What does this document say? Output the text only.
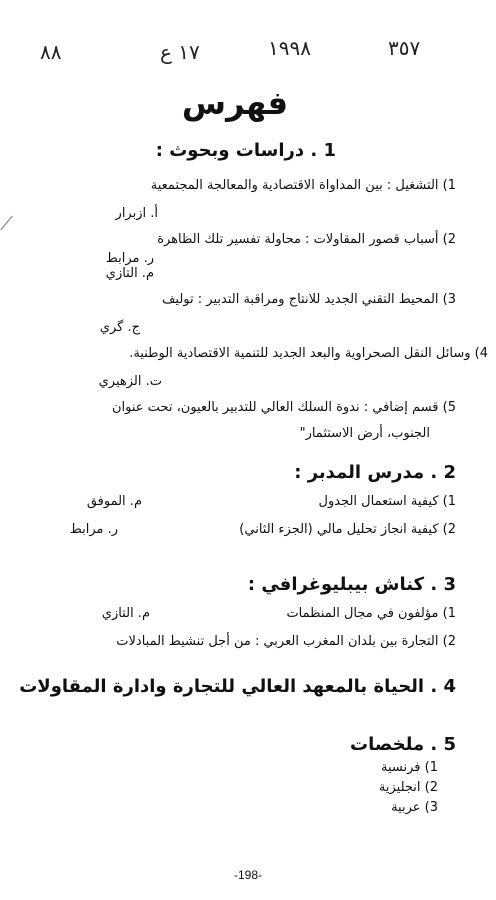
٨٨	١٧ ع	١٩٩٨	٣٥٧
فهرس
1 . دراسات وبحوث :
1) التشغيل : بين المداواة الاقتصادية والمعالجة المجتمعية
أ. ازبرار
2) أسباب قصور المقاولات : محاولة تفسير تلك الظاهرة
ر. مرابط
م. التازي
3) المحيط التقني الجديد للانتاج ومراقبة التدبير : توليف
ج. گري
4) وسائل النقل الصحراوية والبعد الجديد للتنمية الاقتصادية الوطنية.
ت. الزهيري
5) قسم إضافي : ندوة السلك العالي للتدبير بالعيون، تحت عنوان
الجنوب، أرض الاستثمار"
2 . مدرس المدبر :
1) كيفية استعمال الجدول
م. الموفق
2) كيفية انجاز تحليل مالي (الجزء الثاني)
ر. مرابط
3 . كناش بيبليوغرافي :
1) مؤلفون في مجال المنظمات
م. التازي
2) التجارة بين بلدان المغرب العربي : من أجل تنشيط المبادلات
4 . الحياة بالمعهد العالي للتجارة وادارة المقاولات
5 . ملخصات
1) فرنسية
2) انجليزية
3) عربية
-198-
